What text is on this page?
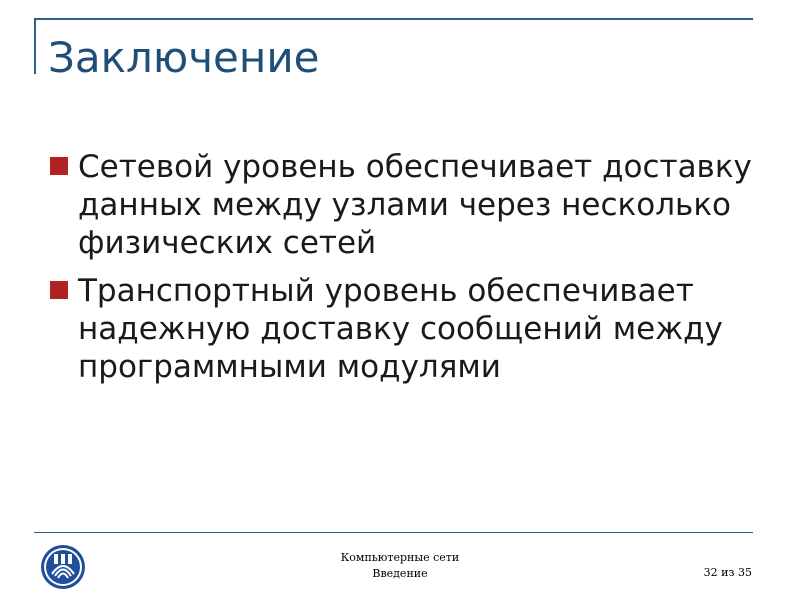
Заключение
Сетевой уровень обеспечивает доставку данных между узлами через несколько физических сетей
Транспортный уровень обеспечивает надежную доставку сообщений между программными модулями
Компьютерные сети
Введение	32 из 35
